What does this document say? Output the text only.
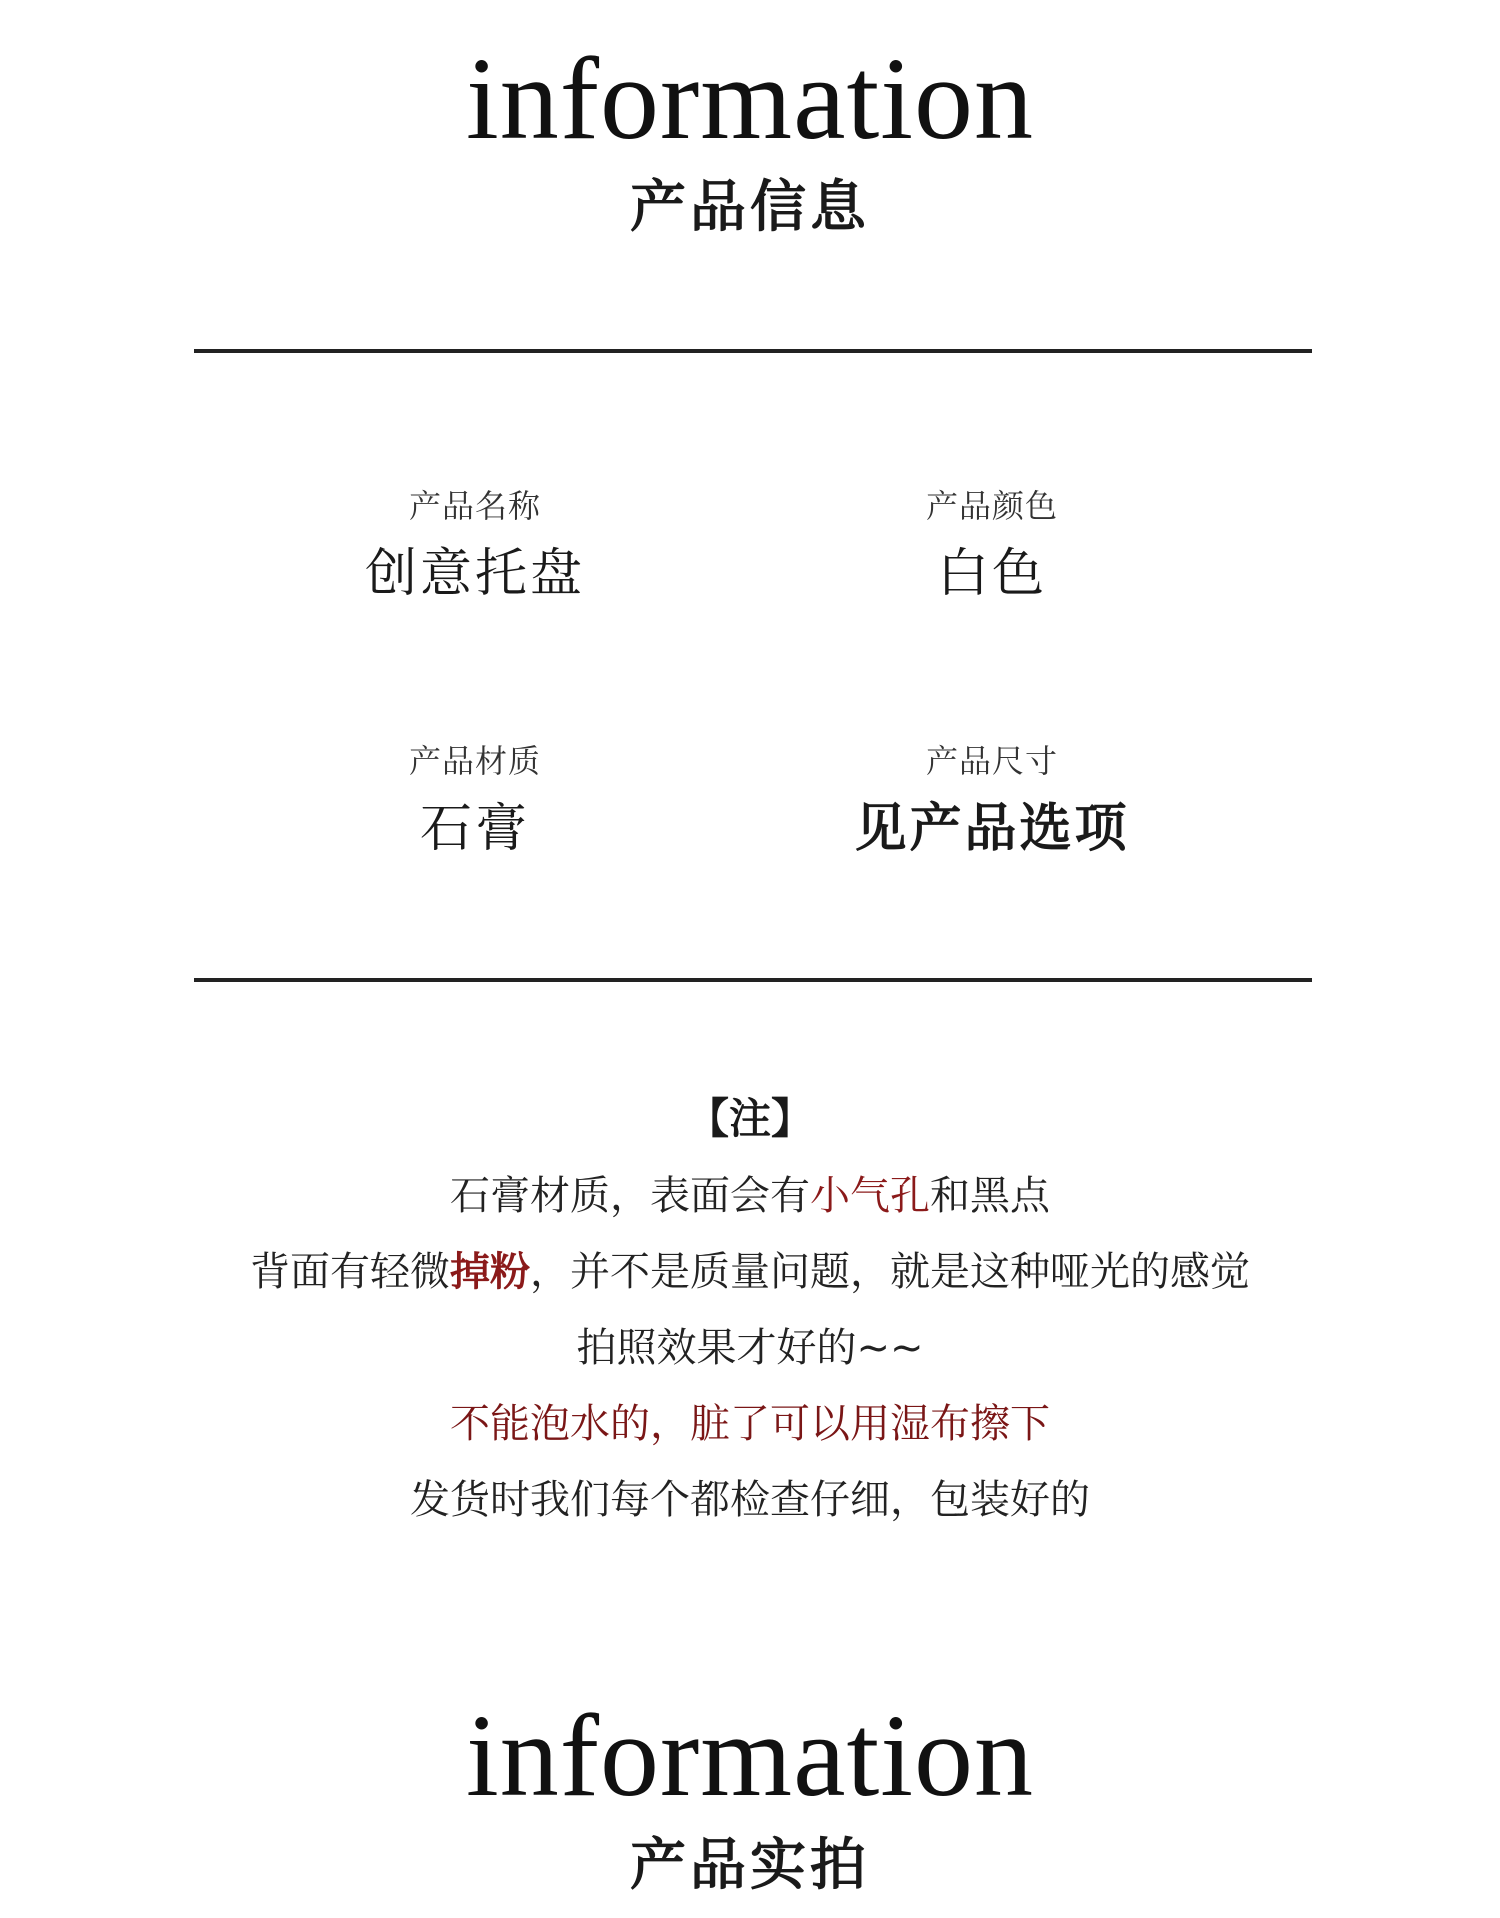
information
产品信息
产品名称
创意托盘
产品颜色
白色
产品材质
石膏
产品尺寸
见产品选项
【注】
石膏材质，表面会有小气孔和黑点
背面有轻微掉粉，并不是质量问题，就是这种哑光的感觉
拍照效果才好的~~
不能泡水的，脏了可以用湿布擦下
发货时我们每个都检查仔细，包装好的
information
产品实拍
